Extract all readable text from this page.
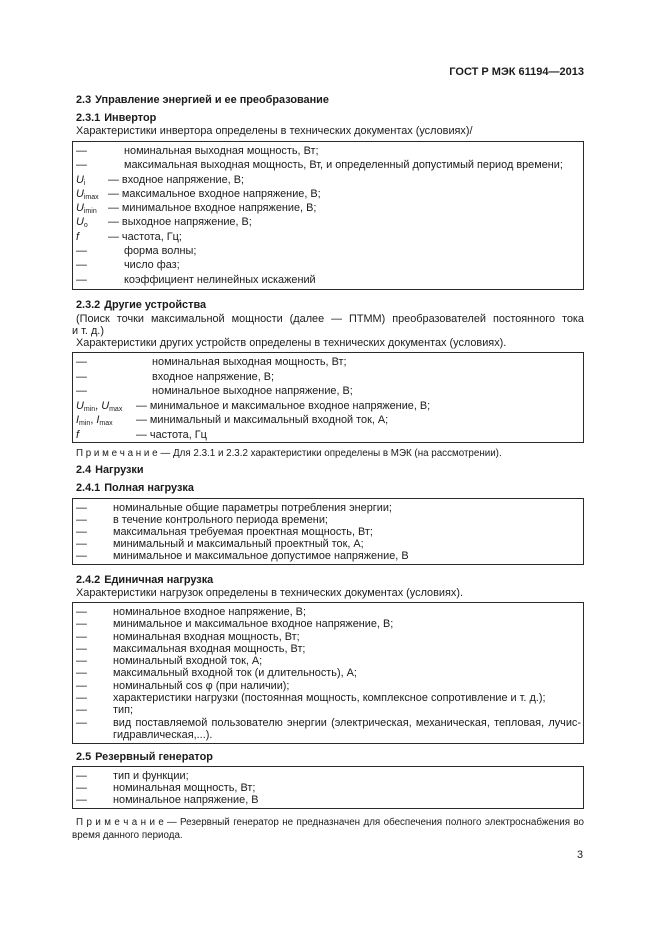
ГОСТ Р МЭК 61194—2013
2.3 Управление энергией и ее преобразование
2.3.1 Инвертор
Характеристики инвертора определены в технических документах (условиях)/
—	номинальная выходная мощность, Вт;
—	максимальная выходная мощность, Вт, и определенный допустимый период времени;
$U_i$	— входное напряжение, В;
$U_{imax}$ — максимальное входное напряжение, В;
$U_{imin}$	— минимальное входное напряжение, В;
$U_o$	— выходное напряжение, В;
f	— частота, Гц;
—	форма волны;
—	число фаз;
—	коэффициент нелинейных искажений
2.3.2 Другие устройства
(Поиск точки максимальной мощности (далее — ПТММ) преобразователей постоянного тока
и т. д.)
Характеристики других устройств определены в технических документах (условиях).
—	номинальная выходная мощность, Вт;
—	входное напряжение, В;
—	номинальное выходное напряжение, В;
$U_{min}$, $U_{max}$	— минимальное и максимальное входное напряжение, В;
$I_{min}$, $I_{max}$	— минимальный и максимальный входной ток, А;
f	— частота, Гц
П р и м е ч а н и е — Для 2.3.1 и 2.3.2 характеристики определены в МЭК (на рассмотрении).
2.4 Нагрузки
2.4.1 Полная нагрузка
—	номинальные общие параметры потребления энергии;
—	в течение контрольного периода времени;
—	максимальная требуемая проектная мощность, Вт;
—	минимальный и максимальный проектный ток, А;
—	минимальное и максимальное допустимое напряжение, В
2.4.2 Единичная нагрузка
Характеристики нагрузок определены в технических документах (условиях).
—	номинальное входное напряжение, В;
—	минимальное и максимальное входное напряжение, В;
—	номинальная входная мощность, Вт;
—	максимальная входная мощность, Вт;
—	номинальный входной ток, А;
—	максимальный входной ток (и длительность), А;
—	номинальный cos φ (при наличии);
—	характеристики нагрузки (постоянная мощность, комплексное сопротивление и т. д.);
—	тип;
—	вид поставляемой пользователю энергии (электрическая, механическая, тепловая, лучис-
гидравлическая,...).
2.5 Резервный генератор
—	тип и функции;
—	номинальная мощность, Вт;
—	номинальное напряжение, В
П р и м е ч а н и е — Резервный генератор не предназначен для обеспечения полного электроснабжения во время данного периода.
3
